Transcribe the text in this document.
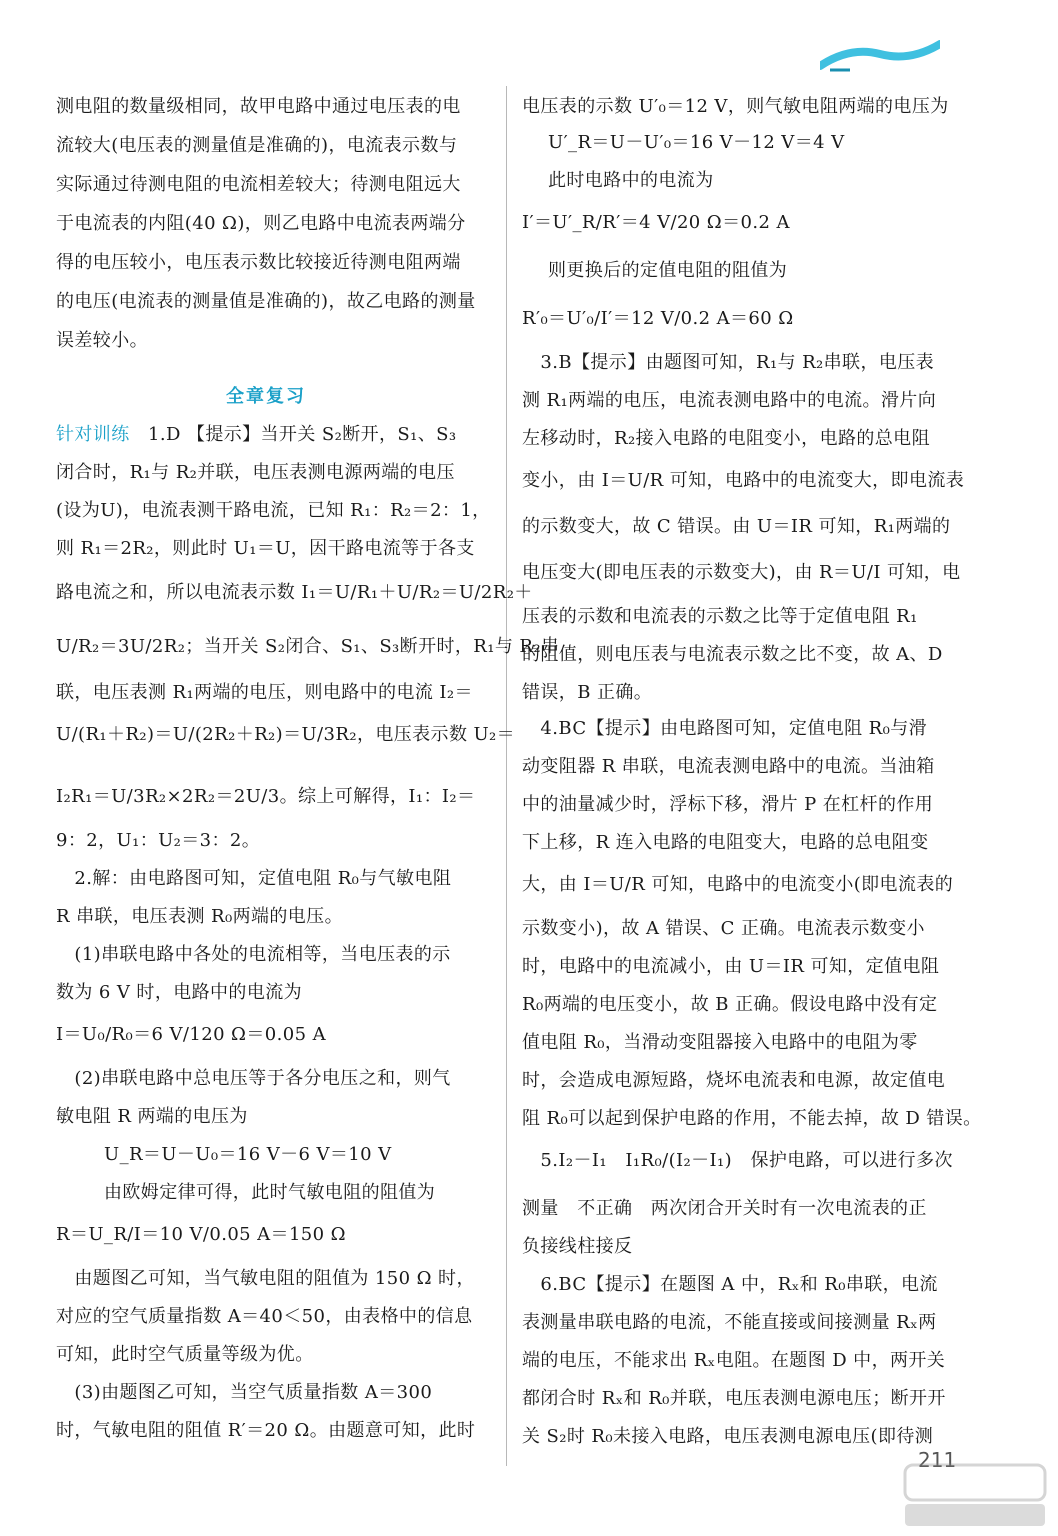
测电阻的数量级相同，故甲电路中通过电压表的电
流较大(电压表的测量值是准确的)，电流表示数与
实际通过待测电阻的电流相差较大；待测电阻远大
于电流表的内阻(40 Ω)，则乙电路中电流表两端分
得的电压较小，电压表示数比较接近待测电阻两端
的电压(电流表的测量值是准确的)，故乙电路的测量
误差较小。
全章复习
针对训练　1.D 【提示】当开关 S₂断开，S₁、S₃
闭合时，R₁与 R₂并联，电压表测电源两端的电压
(设为U)，电流表测干路电流，已知 R₁：R₂＝2：1，
则 R₁＝2R₂，则此时 U₁＝U，因干路电流等于各支
路电流之和，所以电流表示数 I₁＝U/R₁＋U/R₂＝U/2R₂＋
U/R₂＝3U/2R₂；当开关 S₂闭合、S₁、S₃断开时，R₁与 R₂串
联，电压表测 R₁两端的电压，则电路中的电流 I₂＝
U/(R₁＋R₂)＝U/(2R₂＋R₂)＝U/3R₂，电压表示数 U₂＝
I₂R₁＝U/3R₂×2R₂＝2U/3。综上可解得，I₁：I₂＝
9：2，U₁：U₂＝3：2。
　2.解：由电路图可知，定值电阻 R₀与气敏电阻
R 串联，电压表测 R₀两端的电压。
　(1)串联电路中各处的电流相等，当电压表的示
数为 6 V 时，电路中的电流为
I＝U₀/R₀＝6 V/120 Ω＝0.05 A
　(2)串联电路中总电压等于各分电压之和，则气
敏电阻 R 两端的电压为
U_R＝U－U₀＝16 V－6 V＝10 V
由欧姆定律可得，此时气敏电阻的阻值为
R＝U_R/I＝10 V/0.05 A＝150 Ω
　由题图乙可知，当气敏电阻的阻值为 150 Ω 时，
对应的空气质量指数 A＝40＜50，由表格中的信息
可知，此时空气质量等级为优。
　(3)由题图乙可知，当空气质量指数 A＝300
时，气敏电阻的阻值 R′＝20 Ω。由题意可知，此时
电压表的示数 U′₀＝12 V，则气敏电阻两端的电压为
U′_R＝U－U′₀＝16 V－12 V＝4 V
此时电路中的电流为
I′＝U′_R/R′＝4 V/20 Ω＝0.2 A
则更换后的定值电阻的阻值为
R′₀＝U′₀/I′＝12 V/0.2 A＝60 Ω
　3.B【提示】由题图可知，R₁与 R₂串联，电压表
测 R₁两端的电压，电流表测电路中的电流。滑片向
左移动时，R₂接入电路的电阻变小，电路的总电阻
变小，由 I＝U/R 可知，电路中的电流变大，即电流表
的示数变大，故 C 错误。由 U＝IR 可知，R₁两端的
电压变大(即电压表的示数变大)，由 R＝U/I 可知，电
压表的示数和电流表的示数之比等于定值电阻 R₁
的阻值，则电压表与电流表示数之比不变，故 A、D
错误，B 正确。
　4.BC【提示】由电路图可知，定值电阻 R₀与滑
动变阻器 R 串联，电流表测电路中的电流。当油箱
中的油量减少时，浮标下移，滑片 P 在杠杆的作用
下上移，R 连入电路的电阻变大，电路的总电阻变
大，由 I＝U/R 可知，电路中的电流变小(即电流表的
示数变小)，故 A 错误、C 正确。电流表示数变小
时，电路中的电流减小，由 U＝IR 可知，定值电阻
R₀两端的电压变小，故 B 正确。假设电路中没有定
值电阻 R₀，当滑动变阻器接入电路中的电阻为零
时，会造成电源短路，烧坏电流表和电源，故定值电
阻 R₀可以起到保护电路的作用，不能去掉，故 D 错误。
　5.I₂－I₁　I₁R₀/(I₂－I₁)　保护电路，可以进行多次
测量　不正确　两次闭合开关时有一次电流表的正
负接线柱接反
　6.BC【提示】在题图 A 中，Rₓ和 R₀串联，电流
表测量串联电路的电流，不能直接或间接测量 Rₓ两
端的电压，不能求出 Rₓ电阻。在题图 D 中，两开关
都闭合时 Rₓ和 R₀并联，电压表测电源电压；断开开
关 S₂时 R₀未接入电路，电压表测电源电压(即待测
211
